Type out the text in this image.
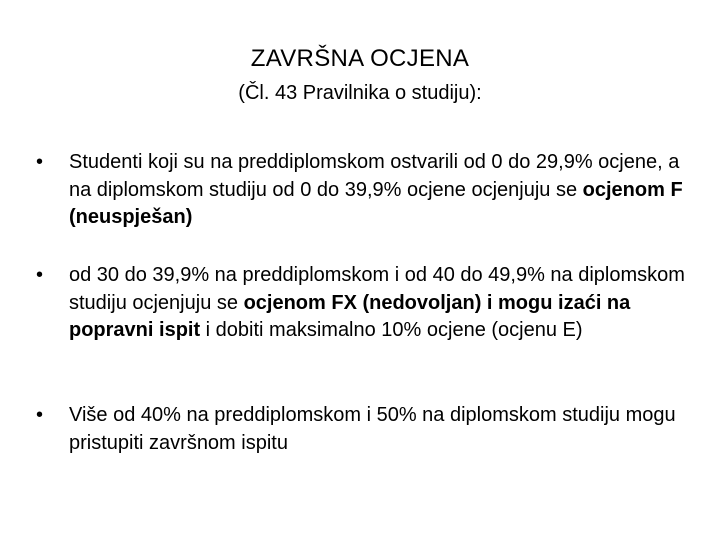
ZAVRŠNA OCJENA
(Čl. 43 Pravilnika o studiju):
• Studenti koji su na preddiplomskom ostvarili od 0 do 29,9% ocjene, a na diplomskom studiju od 0 do 39,9% ocjene ocjenjuju se ocjenom F (neuspješan)
• od 30 do 39,9% na preddiplomskom i od 40 do 49,9% na diplomskom studiju ocjenjuju se ocjenom FX (nedovoljan) i mogu izaći na popravni ispit i dobiti maksimalno 10% ocjene (ocjenu E)
• Više od 40% na preddiplomskom i 50% na diplomskom studiju mogu pristupiti završnom ispitu
